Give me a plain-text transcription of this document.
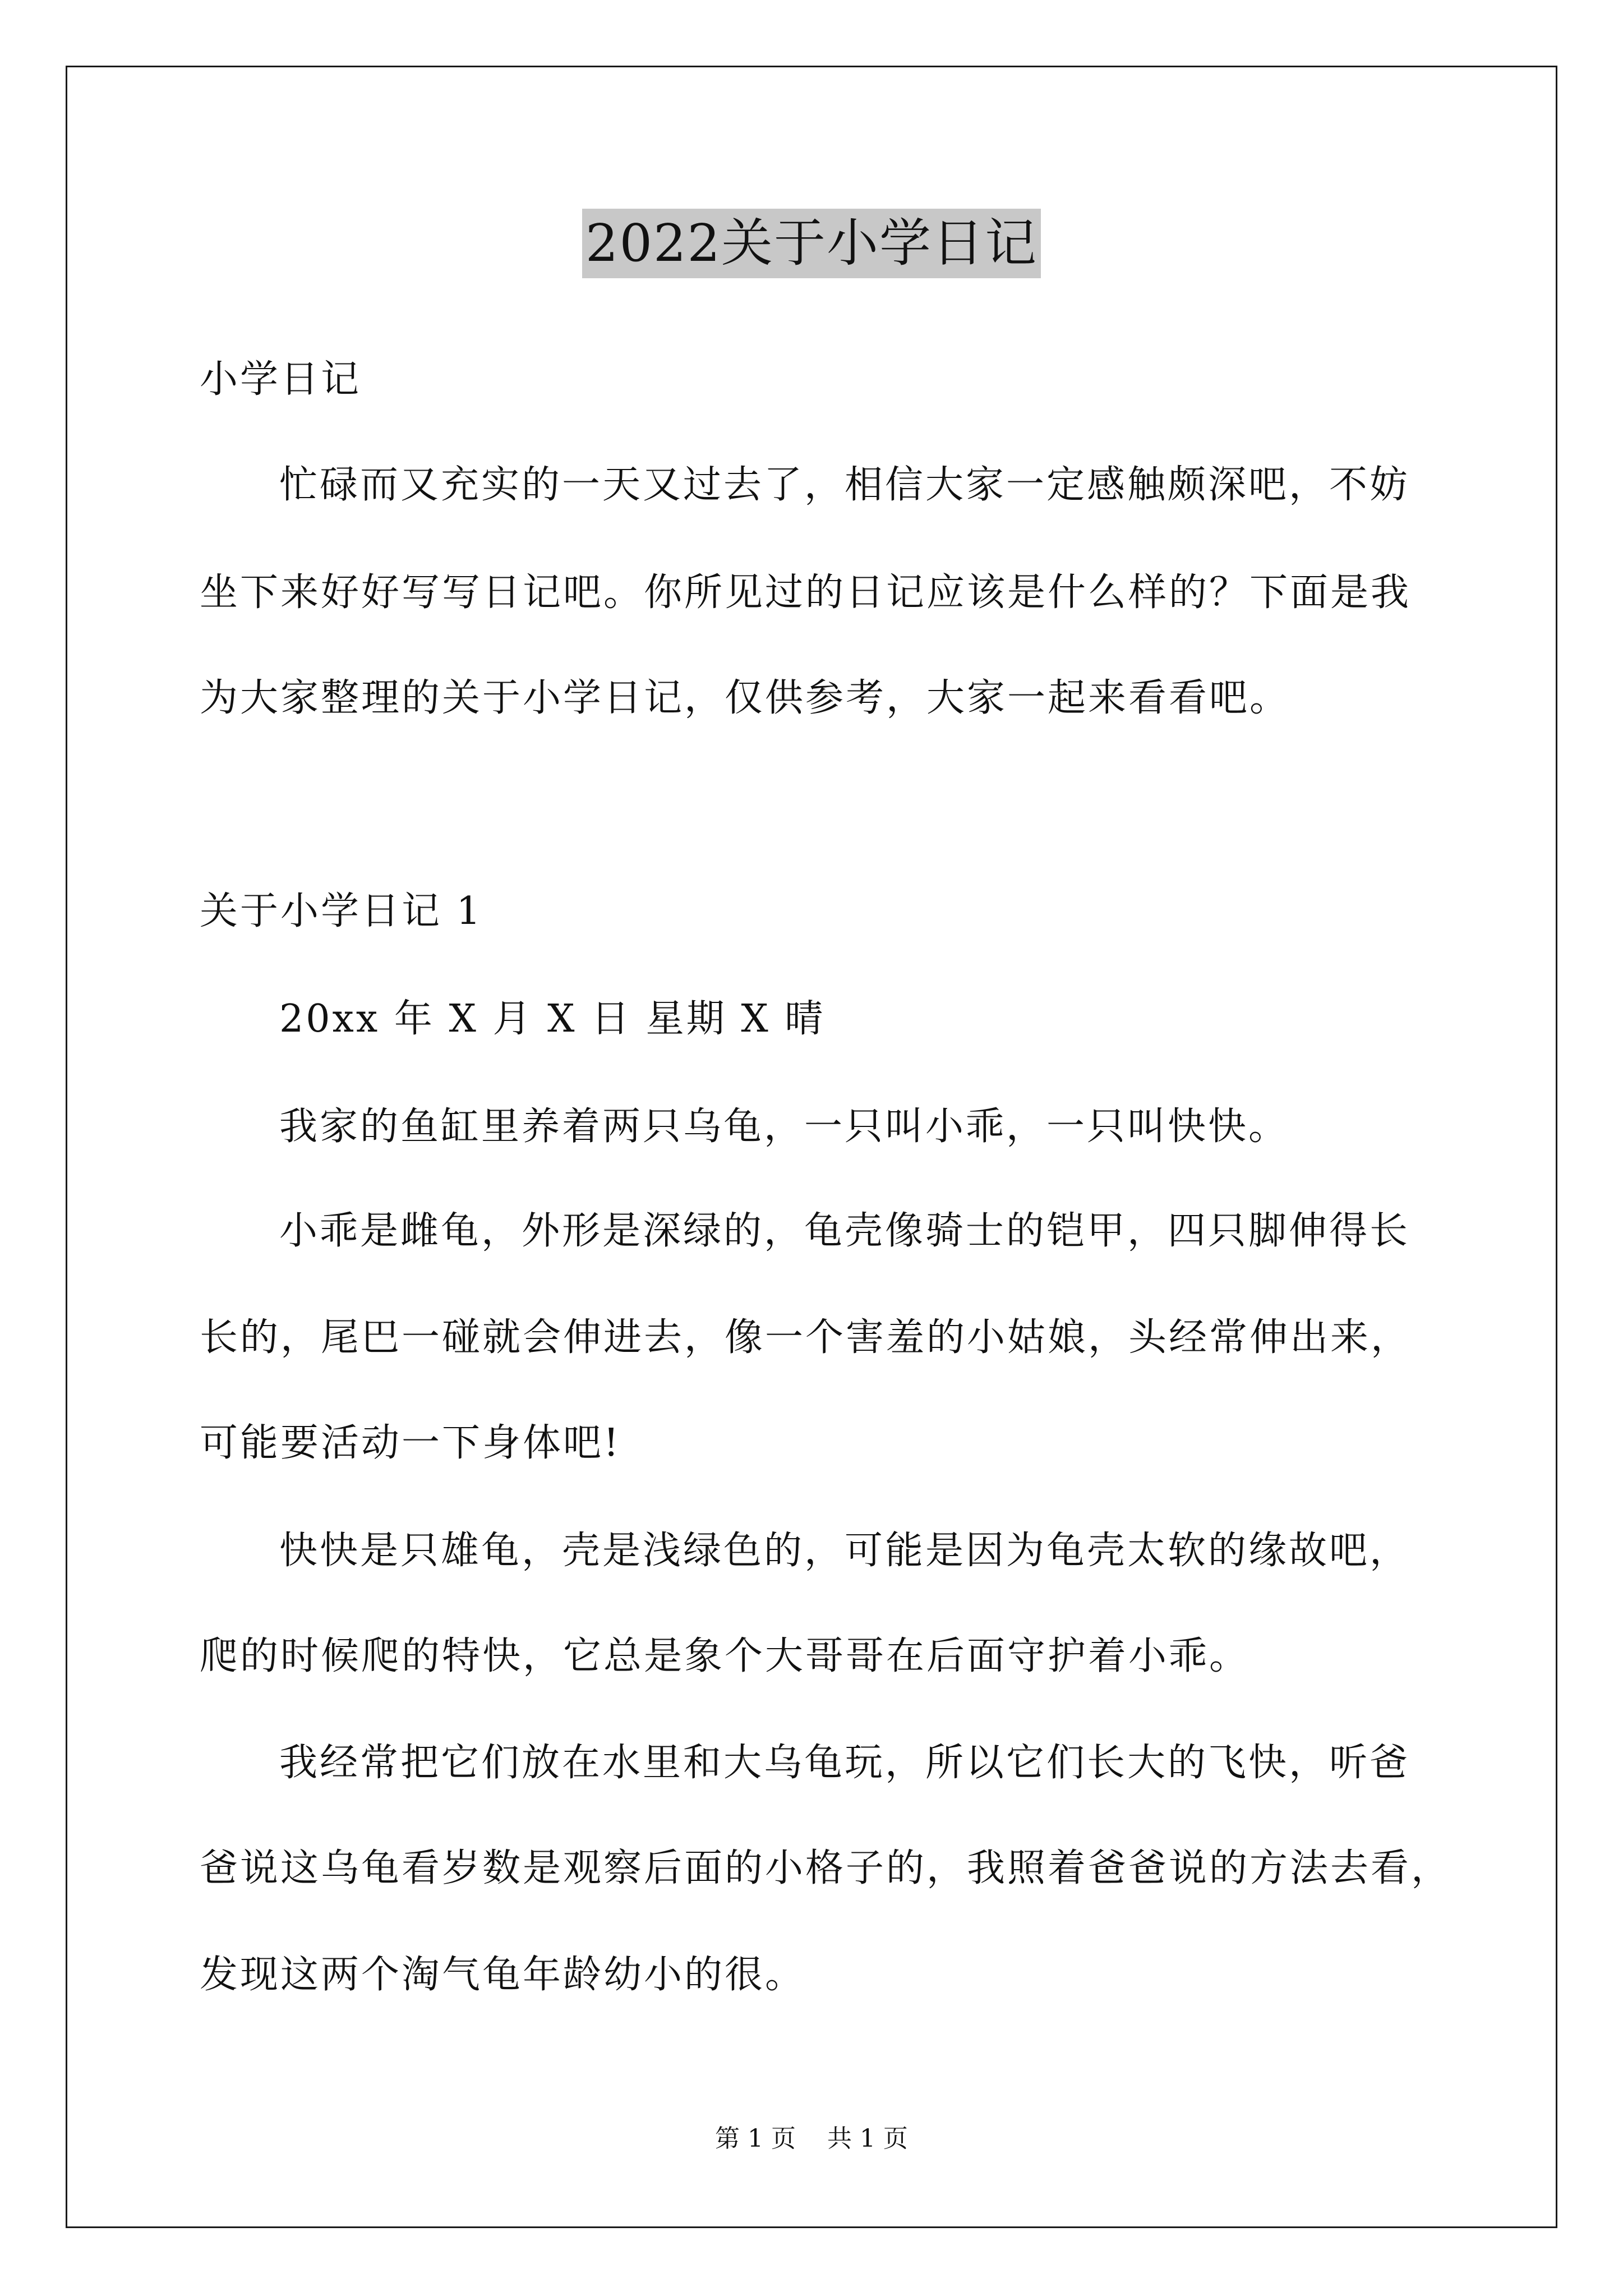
2022关于小学日记
小学日记
忙碌而又充实的一天又过去了，相信大家一定感触颇深吧，不妨
坐下来好好写写日记吧。你所见过的日记应该是什么样的？下面是我
为大家整理的关于小学日记，仅供参考，大家一起来看看吧。
关于小学日记 1
20xx 年 X 月 X 日 星期 X 晴
我家的鱼缸里养着两只乌龟，一只叫小乖，一只叫快快。
小乖是雌龟，外形是深绿的，龟壳像骑士的铠甲，四只脚伸得长
长的，尾巴一碰就会伸进去，像一个害羞的小姑娘，头经常伸出来，
可能要活动一下身体吧!
快快是只雄龟，壳是浅绿色的，可能是因为龟壳太软的缘故吧，
爬的时候爬的特快，它总是象个大哥哥在后面守护着小乖。
我经常把它们放在水里和大乌龟玩，所以它们长大的飞快，听爸
爸说这乌龟看岁数是观察后面的小格子的，我照着爸爸说的方法去看，
发现这两个淘气龟年龄幼小的很。
第 1 页    共 1 页
